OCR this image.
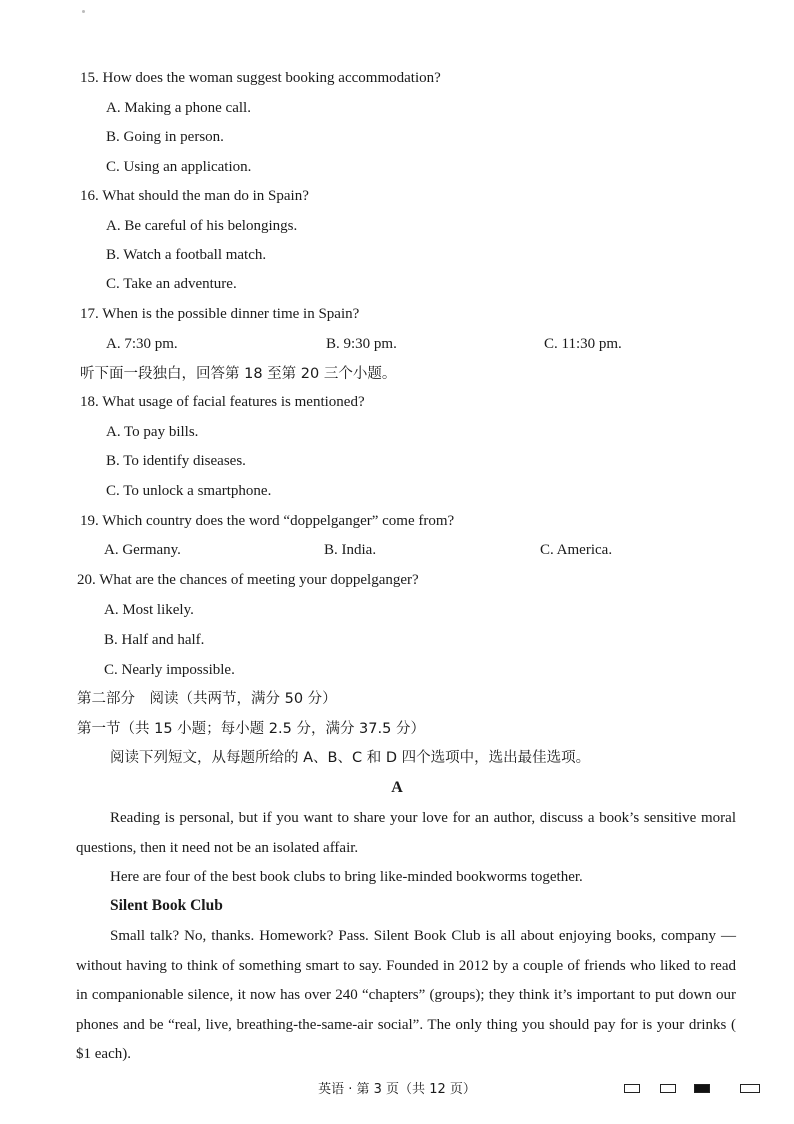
15. How does the woman suggest booking accommodation?
A. Making a phone call.
B. Going in person.
C. Using an application.
16. What should the man do in Spain?
A. Be careful of his belongings.
B. Watch a football match.
C. Take an adventure.
17. When is the possible dinner time in Spain?
A. 7:30 pm.	B. 9:30 pm.	C. 11:30 pm.
听下面一段独白，回答第 18 至第 20 三个小题。
18. What usage of facial features is mentioned?
A. To pay bills.
B. To identify diseases.
C. To unlock a smartphone.
19. Which country does the word “doppelganger” come from?
A. Germany.	B. India.	C. America.
20. What are the chances of meeting your doppelganger?
A. Most likely.
B. Half and half.
C. Nearly impossible.
第二部分　阅读（共两节，满分 50 分）
第一节（共 15 小题；每小题 2.5 分，满分 37.5 分）
阅读下列短文，从每题所给的 A、B、C 和 D 四个选项中，选出最佳选项。
A
Reading is personal, but if you want to share your love for an author, discuss a book’s sensitive moral questions, then it need not be an isolated affair.
Here are four of the best book clubs to bring like-minded bookworms together.
Silent Book Club
Small talk? No, thanks. Homework? Pass. Silent Book Club is all about enjoying books, company — without having to think of something smart to say. Founded in 2012 by a couple of friends who liked to read in companionable silence, it now has over 240 “chapters” (groups); they think it’s important to put down our phones and be “real, live, breathing-the-same-air social”. The only thing you should pay for is your drinks ( $1 each).
英语 · 第 3 页（共 12 页）
